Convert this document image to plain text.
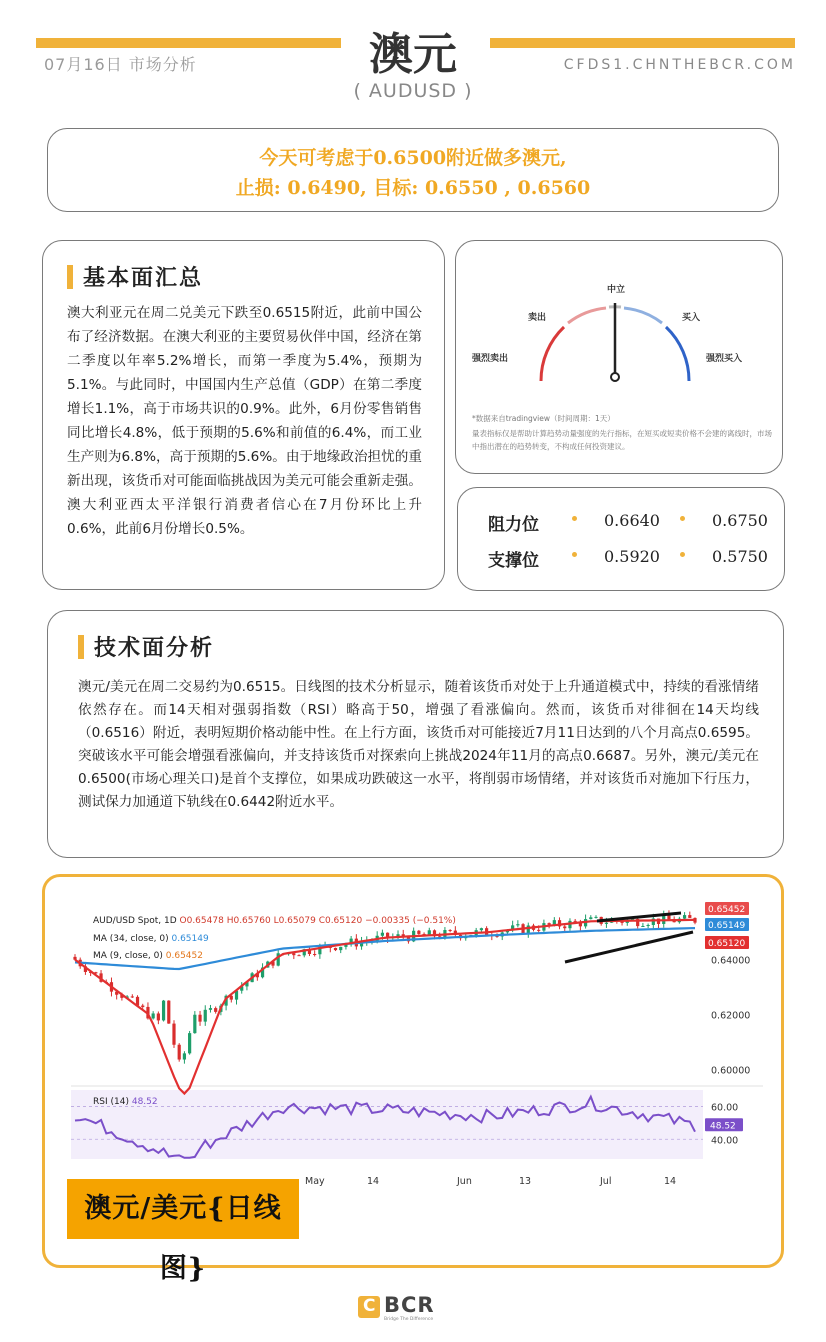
07月16日 市场分析	澳元
( AUDUSD )
CFDS1.CHNTHEBCR.COM
今天可考虑于0.6500附近做多澳元,
止损: 0.6490, 目标: 0.6550 , 0.6560
基本面汇总

澳大利亚元在周二兑美元下跌至0.6515附近，此前中国公布了经济数据。在澳大利亚的主要贸易伙伴中国，经济在第二季度以年率5.2%增长，而第一季度为5.4%，预期为5.1%。与此同时，中国国内生产总值（GDP）在第二季度增长1.1%，高于市场共识的0.9%。此外，6月份零售销售同比增长4.8%，低于预期的5.6%和前值的6.4%，而工业生产则为6.8%，高于预期的5.6%。由于地缘政治担忧的重新出现，该货币对可能面临挑战因为美元可能会重新走强。澳大利亚西太平洋银行消费者信心在7月份环比上升0.6%，此前6月份增长0.5%。

强烈卖出
卖出
中立
买入
强烈买入
*数据来自tradingview（时间周期：1天）
量表指标仅是帮助计算趋势动量强度的先行指标，在短买或短卖价格不会建的离线时，市场中指出潜在的趋势转变，不构成任何投资建议。
阻力位	0.6640	0.6750
支撑位	0.5920	0.5750
技术面分析

澳元/美元在周二交易约为0.6515。日线图的技术分析显示，随着该货币对处于上升通道模式中，持续的看涨情绪依然存在。而14天相对强弱指数（RSI）略高于50，增强了看涨偏向。然而，该货币对徘徊在14天均线（0.6516）附近，表明短期价格动能中性。在上行方面，该货币对可能接近7月11日达到的八个月高点0.6595。突破该水平可能会增强看涨偏向，并支持该货币对探索向上挑战2024年11月的高点0.6687。另外，澳元/美元在0.6500(市场心理关口)是首个支撑位，如果成功跌破这一水平，将削弱市场情绪，并对该货币对施加下行压力，测试保力加通道下轨线在0.6442附近水平。

0.64000
0.62000
0.60000
0.65452
0.65149
0.65120
60.00
40.00
48.52
May	14	Jun	13	Jul	14
AUD/USD Spot, 1D O0.65478 H0.65760 L0.65079 C0.65120 −0.00335 (−0.51%)
MA (34, close, 0) 0.65149
MA (9, close, 0) 0.65452
RSI (14) 48.52
澳元/美元{日线图}
C BCR
Bridge The Difference
